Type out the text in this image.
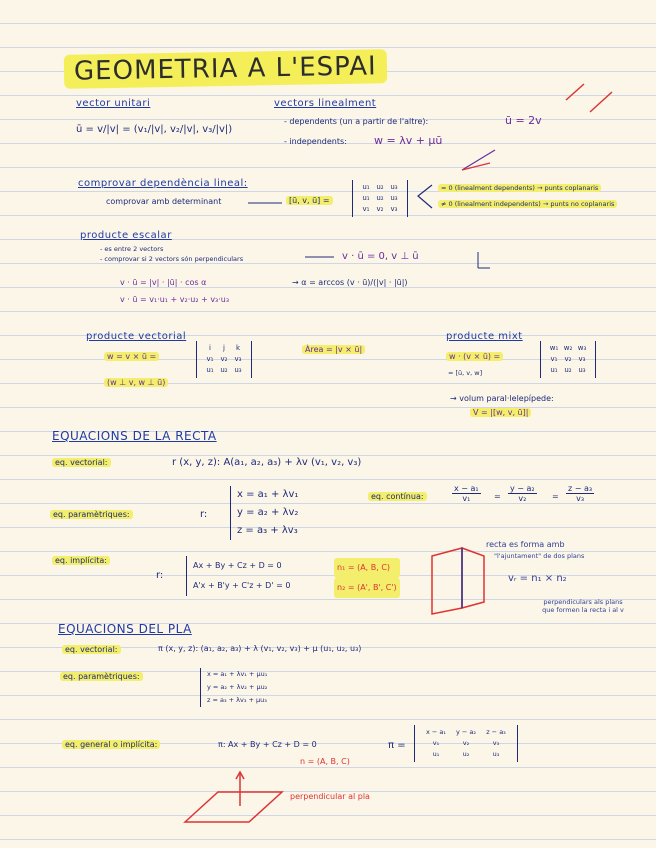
GEOMETRIA A L'ESPAI
vector unitari
ū = v/|v| = (v₁/|v|, v₂/|v|, v₃/|v|)
vectors linealment
- dependents (un a partir de l'altre):	ū = 2v
- independents: w = λv + μū
comprovar dependència lineal:
comprovar amb determinant	[ū, v, ū] =
u₁ u₂ u₃
u₁ u₂ u₃
v₁ v₂ v₃
= 0 (linealment dependents) → punts coplanaris
≠ 0 (linealment independents) → punts no coplanaris
producte escalar
- es entre 2 vectors
- comprovar si 2 vectors són perpendiculars	v · ū = 0, v ⊥ ū
v · ū = |v| · |ū| · cos α	→ α = arccos (v · ū)/(|v| · |ū|)
v · ū = v₁·u₁ + v₂·u₂ + v₃·u₃
producte vectorial
w = v × ū =
i j k
v₁ v₂ v₃
u₁ u₂ u₃
(w ⊥ v, w ⊥ ū)
Àrea = |v × ū|
producte mixt
w · (v × ū) =
= [ū, v, w]
w₁ w₂ w₃
v₁ v₂ v₃
u₁ u₂ u₃
→ volum paral·lelepípede:
V = |[w, v, ū]|
EQUACIONS DE LA RECTA
eq. vectorial:	r (x, y, z): A(a₁, a₂, a₃) + λv (v₁, v₂, v₃)
eq. paramètriques:	r:
x = a₁ + λv₁
y = a₂ + λv₂
z = a₃ + λv₃
eq. contínua:
x − a₁
v₁	=
y − a₂
v₂	=
z − a₃
v₃
eq. implícita:
r:
Ax + By + Cz + D = 0
A'x + B'y + C'z + D' = 0
n₁ = (A, B, C)
n₂ = (A', B', C')
recta es forma amb
"l'ajuntament" de dos plans
vᵣ = n₁ × n₂
perpendiculars als plans que formen la recta i al v
EQUACIONS DEL PLA
eq. vectorial:	π (x, y, z): (a₁, a₂, a₃) + λ (v₁, v₂, v₃) + μ (u₁, u₂, u₃)
eq. paramètriques:	x = a₁ + λv₁ + μu₁
y = a₂ + λv₂ + μu₂
z = a₃ + λv₃ + μu₃
eq. general o implícita:	π: Ax + By + Cz + D = 0
n = (A, B, C)
π =
x − a₁ y − a₂ z − a₃
v₁	v₂	v₃
u₁	u₂	u₃
perpendicular al pla
